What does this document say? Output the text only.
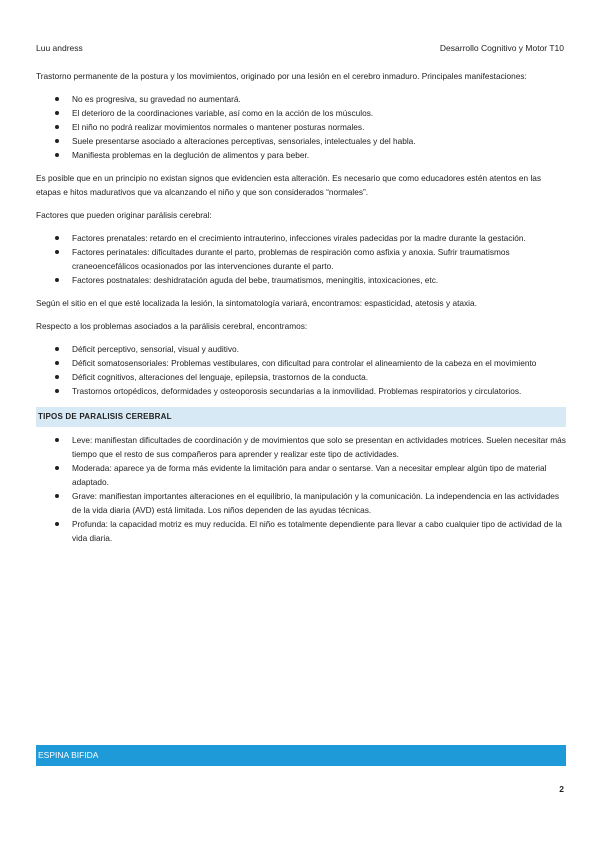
Luu andress	Desarrollo Cognitivo y Motor T10

Trastorno permanente de la postura y los movimientos, originado por una lesión en el cerebro inmaduro. Principales manifestaciones:

No es progresiva, su gravedad no aumentará.
El deterioro de la coordinaciones variable, así como en la acción de los músculos.
El niño no podrá realizar movimientos normales o mantener posturas normales.
Suele presentarse asociado a alteraciones perceptivas, sensoriales, intelectuales y del habla.
Manifiesta problemas en la deglución de alimentos y para beber.

Es posible que en un principio no existan signos que evidencien esta alteración. Es necesario que como educadores estén atentos en las etapas e hitos madurativos que va alcanzando el niño y que son considerados “normales”.

Factores que pueden originar parálisis cerebral:

Factores prenatales: retardo en el crecimiento intrauterino, infecciones virales padecidas por la madre durante la gestación.
Factores perinatales: dificultades durante el parto, problemas de respiración como asfixia y anoxia. Sufrir traumatismos craneoencefálicos ocasionados por las intervenciones durante el parto.
Factores postnatales: deshidratación aguda del bebe, traumatismos, meningitis, intoxicaciones, etc.

Según el sitio en el que esté localizada la lesión, la sintomatología variará, encontramos: espasticidad, atetosis y ataxia.

Respecto a los problemas asociados a la parálisis cerebral, encontramos:

Déficit perceptivo, sensorial, visual y auditivo.
Déficit somatosensoriales: Problemas vestibulares, con dificultad para controlar el alineamiento de la cabeza en el movimiento
Déficit cognitivos, alteraciones del lenguaje, epilepsia, trastornos de la conducta.
Trastornos ortopédicos, deformidades y osteoporosis secundarias a la inmovilidad. Problemas respiratorios y circulatorios.
TIPOS DE PARALISIS CEREBRAL
Leve: manifiestan dificultades de coordinación y de movimientos que solo se presentan en actividades motrices. Suelen necesitar más tiempo que el resto de sus compañeros para aprender y realizar este tipo de actividades.
Moderada: aparece ya de forma más evidente la limitación para andar o sentarse. Van a necesitar emplear algún tipo de material adaptado.
Grave: manifiestan importantes alteraciones en el equilibrio, la manipulación y la comunicación. La independencia en las actividades de la vida diaria (AVD) está limitada. Los niños dependen de las ayudas técnicas.
Profunda: la capacidad motriz es muy reducida. El niño es totalmente dependiente para llevar a cabo cualquier tipo de actividad de la vida diaria.
ESPINA BIFIDA
2
